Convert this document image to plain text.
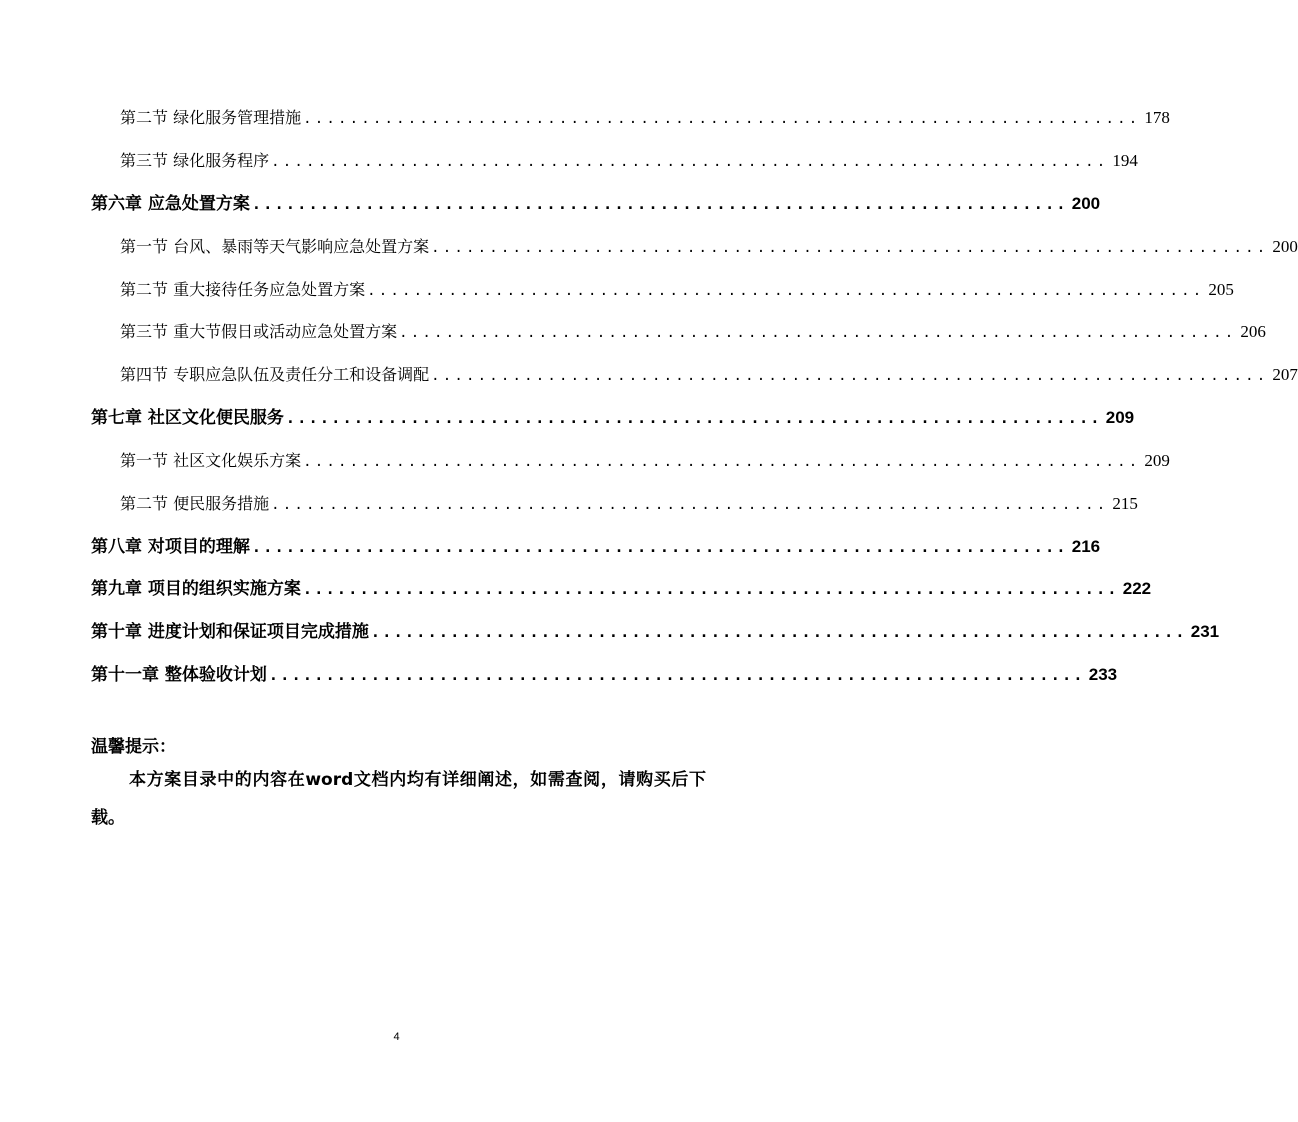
第二节 绿化服务管理措施 ........................................................................ 178
第三节 绿化服务程序 ........................................................................ 194
第六章 应急处置方案 ........................................................................ 200
第一节 台风、暴雨等天气影响应急处置方案 ........................................................................ 200
第二节 重大接待任务应急处置方案 ........................................................................ 205
第三节 重大节假日或活动应急处置方案 ........................................................................ 206
第四节 专职应急队伍及责任分工和设备调配 ........................................................................ 207
第七章 社区文化便民服务 ........................................................................ 209
第一节 社区文化娱乐方案 ........................................................................ 209
第二节 便民服务措施 ........................................................................ 215
第八章 对项目的理解 ........................................................................ 216
第九章 项目的组织实施方案 ........................................................................ 222
第十章 进度计划和保证项目完成措施 ........................................................................ 231
第十一章 整体验收计划 ........................................................................ 233
温馨提示：
本方案目录中的内容在word文档内均有详细阐述，如需查阅，请购买后下载。
4
